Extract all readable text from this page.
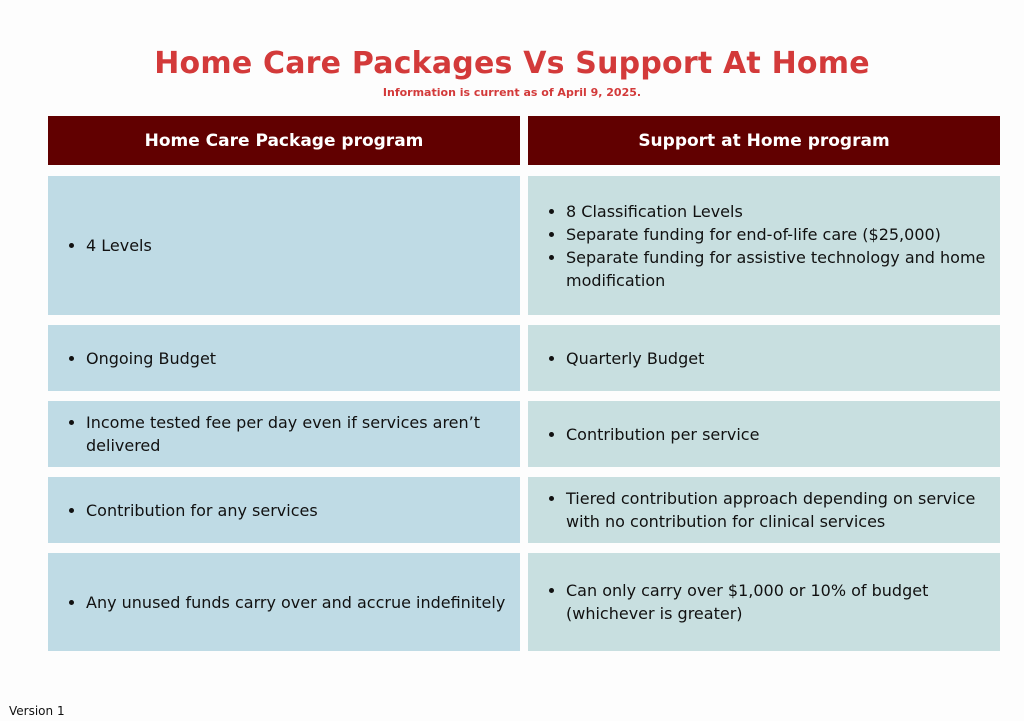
Home Care Packages Vs Support At Home
Information is current as of April 9, 2025.
Home Care Package program	Support at Home program
• 4 Levels
• 8 Classification Levels
• Separate funding for end-of-life care ($25,000)
• Separate funding for assistive technology and home modification
• Ongoing Budget
•	Quarterly Budget
• Income tested fee per day even if services aren’t delivered
• Contribution per service
• Contribution for any services
• Tiered contribution approach depending on service with no contribution for clinical services
• Any unused funds carry over and accrue indefinitely
• Can only carry over $1,000 or 10% of budget (whichever is greater)
Version 1
